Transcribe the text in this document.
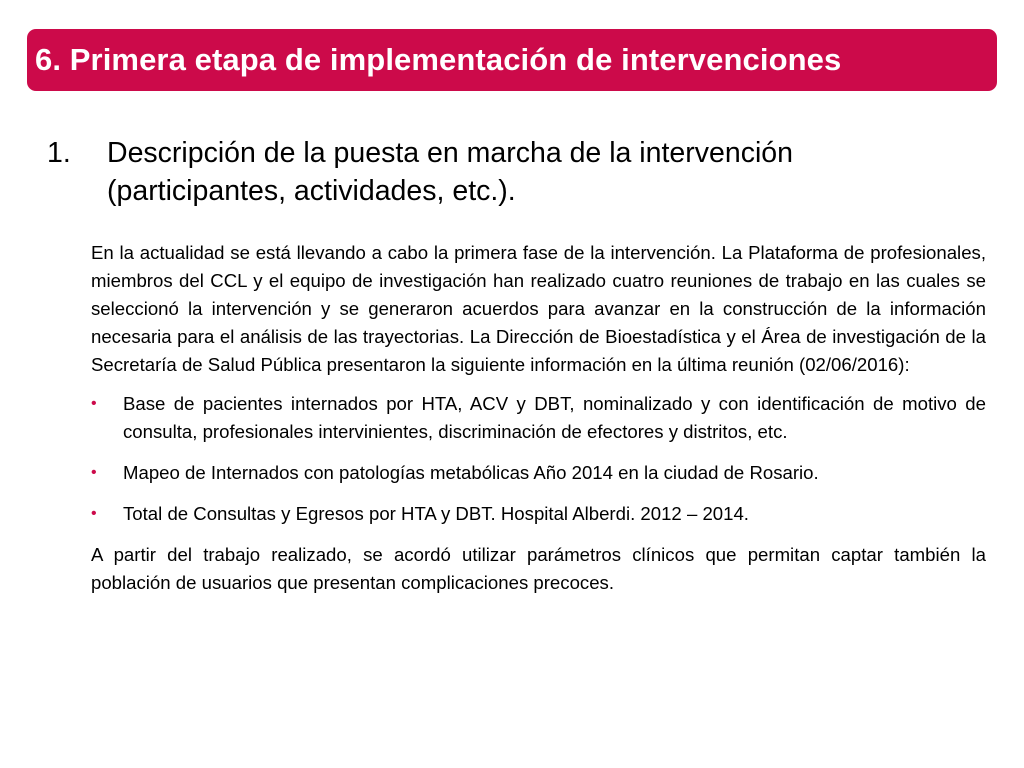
6. Primera etapa de implementación de intervenciones
1.	Descripción de la puesta en marcha de la intervención (participantes, actividades, etc.).

En la actualidad se está llevando a cabo la primera fase de la intervención. La Plataforma de profesionales, miembros del CCL y el equipo de investigación han realizado cuatro reuniones de trabajo en las cuales se seleccionó la intervención y se generaron acuerdos para avanzar en la construcción de la información necesaria para el análisis de las trayectorias. La Dirección de Bioestadística y el Área de investigación de la Secretaría de Salud Pública presentaron la siguiente información en la última reunión (02/06/2016):

•	Base de pacientes internados por HTA, ACV y DBT, nominalizado y con identificación de motivo de consulta, profesionales intervinientes, discriminación de efectores y distritos, etc.
•	Mapeo de Internados con patologías metabólicas Año 2014 en la ciudad de Rosario.
•	Total de Consultas y Egresos por HTA y DBT. Hospital Alberdi. 2012 – 2014.

A partir del trabajo realizado, se acordó utilizar parámetros clínicos que permitan captar también la población de usuarios que presentan complicaciones precoces.
